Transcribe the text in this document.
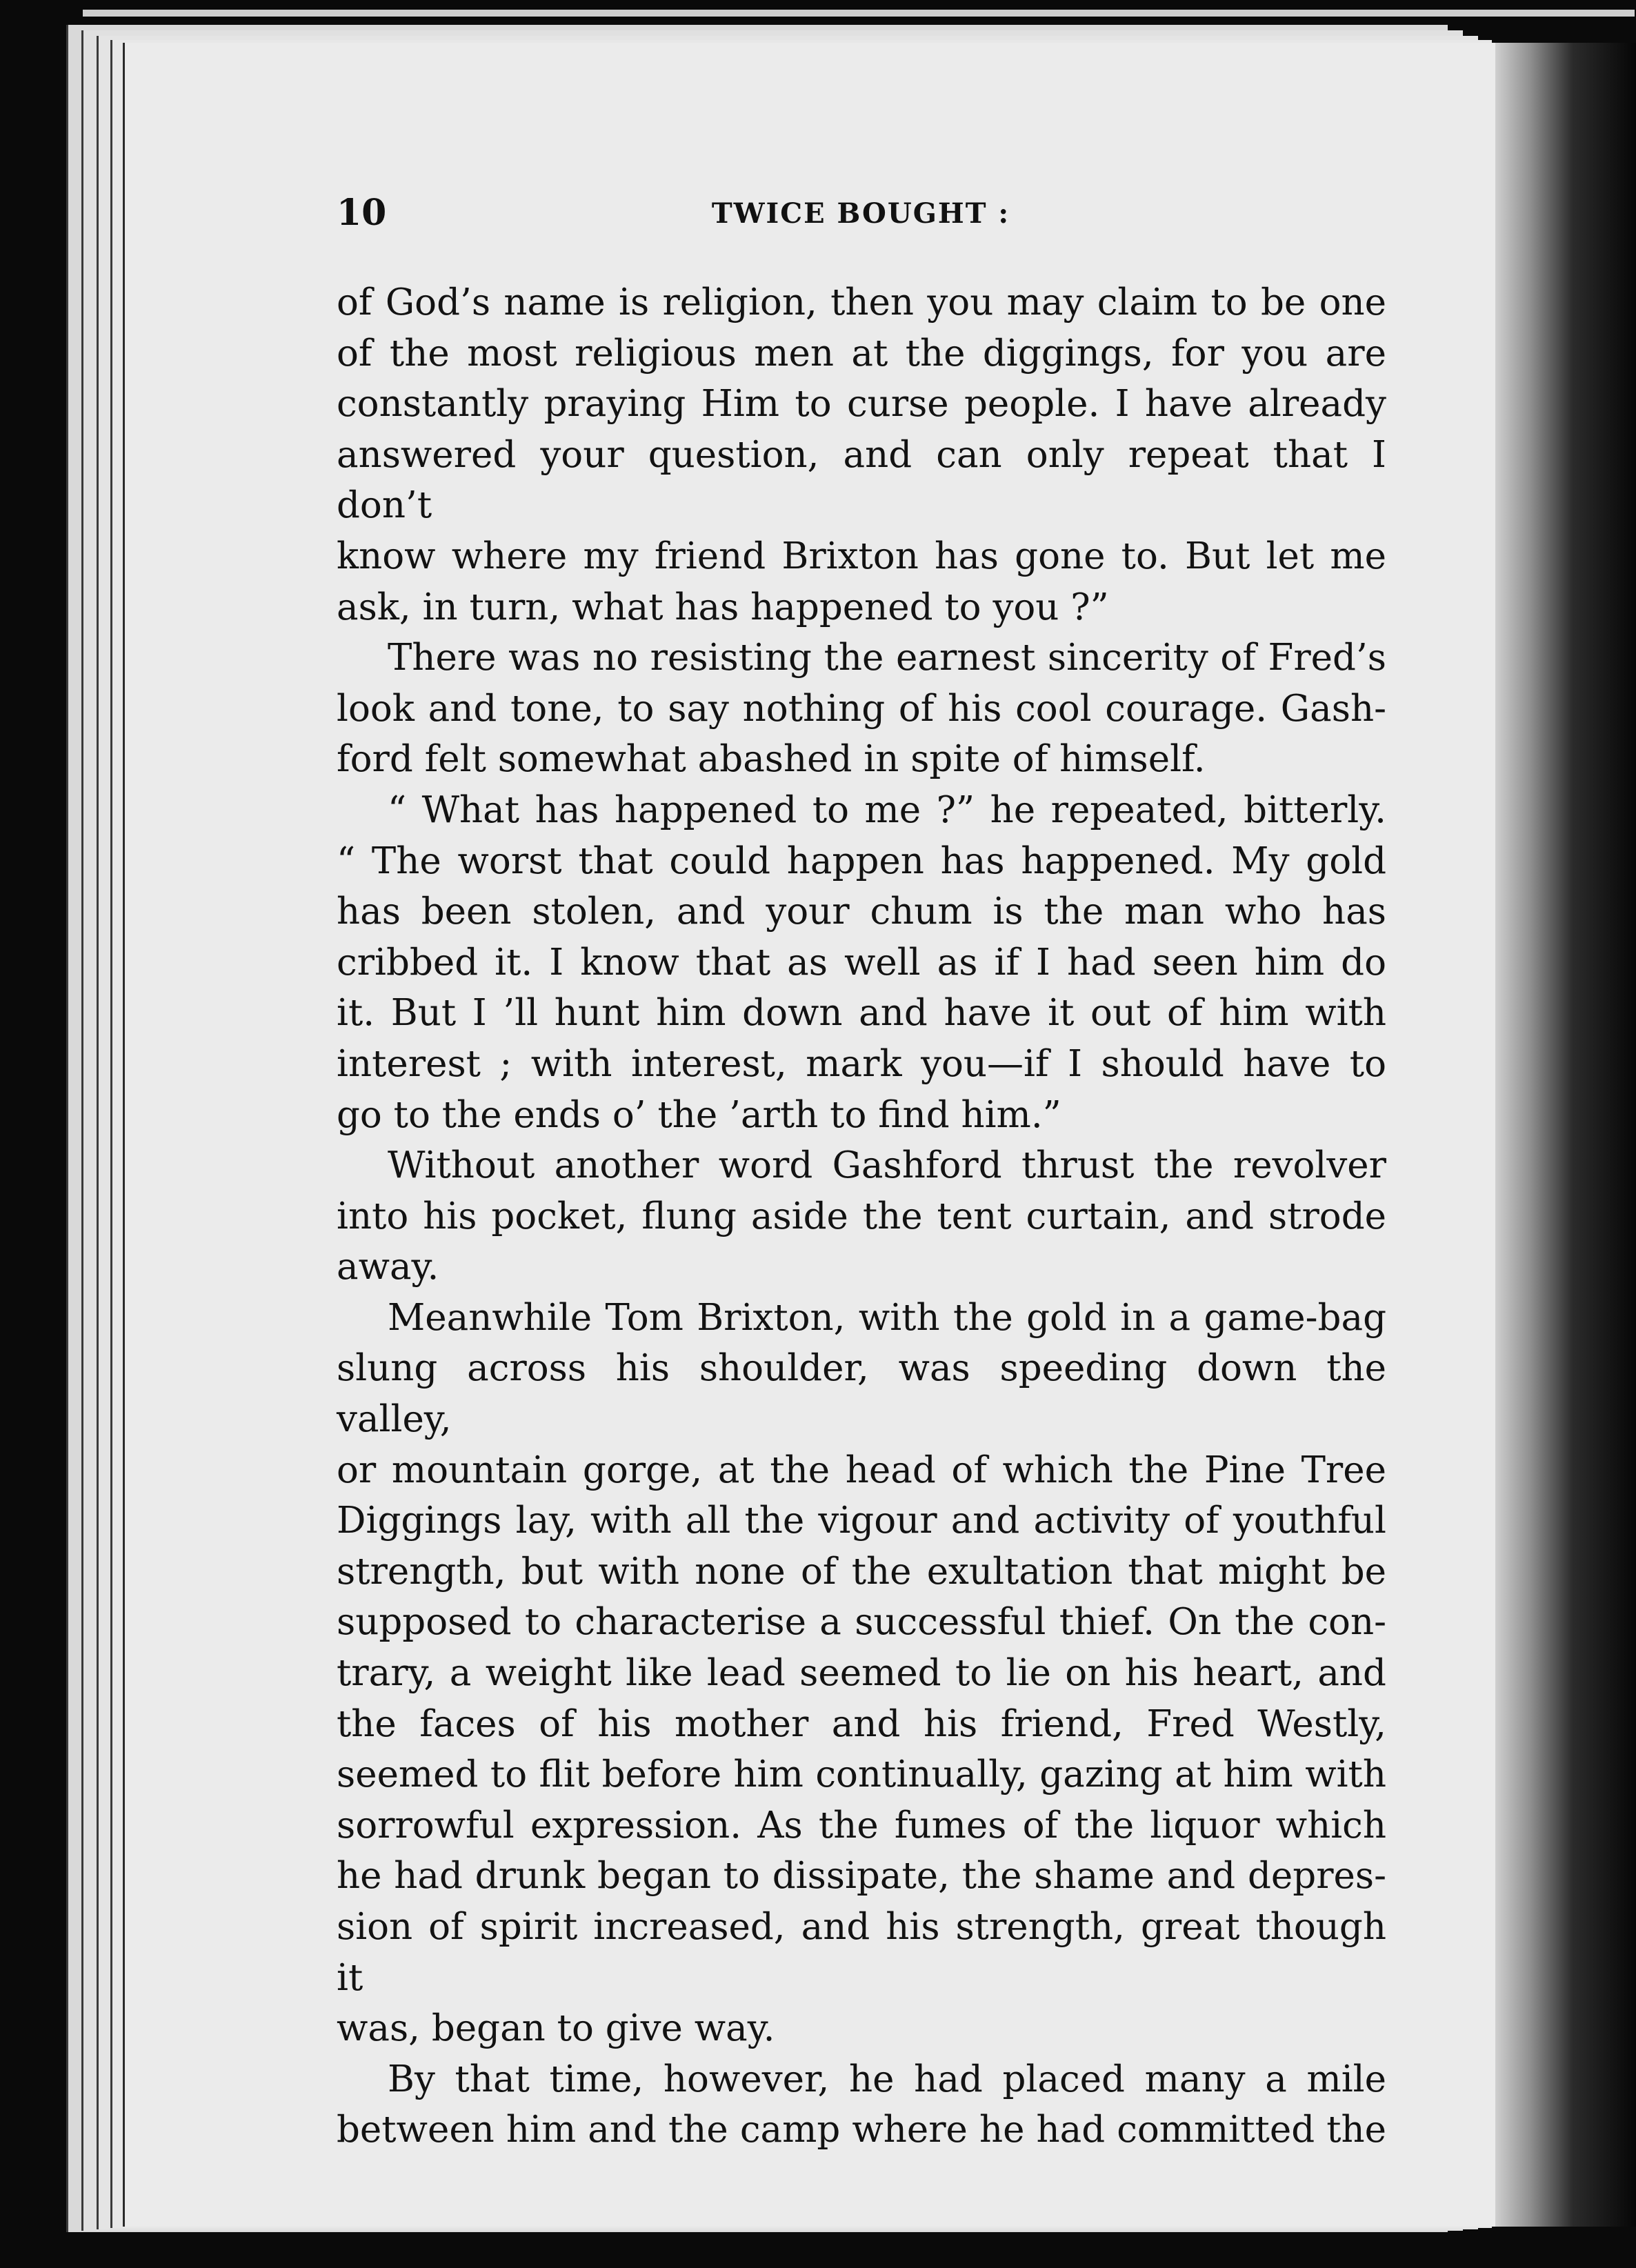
10	TWICE BOUGHT :

of God’s name is religion, then you may claim to be one
of the most religious men at the diggings, for you are
constantly praying Him to curse people. I have already
answered your question, and can only repeat that I don’t
know where my friend Brixton has gone to. But let me
ask, in turn, what has happened to you ?”

There was no resisting the earnest sincerity of Fred’s
look and tone, to say nothing of his cool courage. Gash-
ford felt somewhat abashed in spite of himself.

“ What has happened to me ?” he repeated, bitterly.
“ The worst that could happen has happened. My gold
has been stolen, and your chum is the man who has
cribbed it. I know that as well as if I had seen him do
it. But I ’ll hunt him down and have it out of him with
interest ; with interest, mark you—if I should have to
go to the ends o’ the ’arth to find him.”

Without another word Gashford thrust the revolver
into his pocket, flung aside the tent curtain, and strode
away.

Meanwhile Tom Brixton, with the gold in a game-bag
slung across his shoulder, was speeding down the valley,
or mountain gorge, at the head of which the Pine Tree
Diggings lay, with all the vigour and activity of youthful
strength, but with none of the exultation that might be
supposed to characterise a successful thief. On the con-
trary, a weight like lead seemed to lie on his heart, and
the faces of his mother and his friend, Fred Westly,
seemed to flit before him continually, gazing at him with
sorrowful expression. As the fumes of the liquor which
he had drunk began to dissipate, the shame and depres-
sion of spirit increased, and his strength, great though it
was, began to give way.

By that time, however, he had placed many a mile
between him and the camp where he had committed the
